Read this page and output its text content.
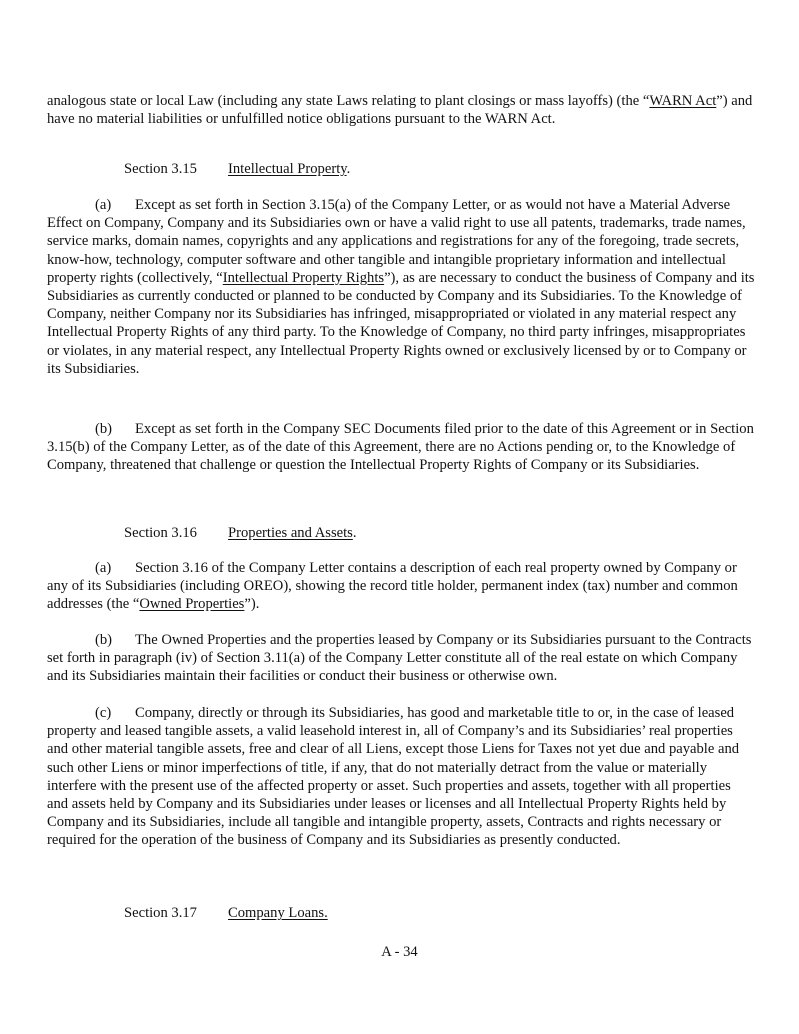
analogous state or local Law (including any state Laws relating to plant closings or mass layoffs) (the “WARN Act”) and have no material liabilities or unfulfilled notice obligations pursuant to the WARN Act.

Section 3.15 Intellectual Property.

(a) Except as set forth in Section 3.15(a) of the Company Letter, or as would not have a Material Adverse Effect on Company, Company and its Subsidiaries own or have a valid right to use all patents, trademarks, trade names, service marks, domain names, copyrights and any applications and registrations for any of the foregoing, trade secrets, know-how, technology, computer software and other tangible and intangible proprietary information and intellectual property rights (collectively, “Intellectual Property Rights”), as are necessary to conduct the business of Company and its Subsidiaries as currently conducted or planned to be conducted by Company and its Subsidiaries. To the Knowledge of Company, neither Company nor its Subsidiaries has infringed, misappropriated or violated in any material respect any Intellectual Property Rights of any third party. To the Knowledge of Company, no third party infringes, misappropriates or violates, in any material respect, any Intellectual Property Rights owned or exclusively licensed by or to Company or its Subsidiaries.

(b) Except as set forth in the Company SEC Documents filed prior to the date of this Agreement or in Section 3.15(b) of the Company Letter, as of the date of this Agreement, there are no Actions pending or, to the Knowledge of Company, threatened that challenge or question the Intellectual Property Rights of Company or its Subsidiaries.

Section 3.16 Properties and Assets.

(a) Section 3.16 of the Company Letter contains a description of each real property owned by Company or any of its Subsidiaries (including OREO), showing the record title holder, permanent index (tax) number and common addresses (the “Owned Properties”).

(b) The Owned Properties and the properties leased by Company or its Subsidiaries pursuant to the Contracts set forth in paragraph (iv) of Section 3.11(a) of the Company Letter constitute all of the real estate on which Company and its Subsidiaries maintain their facilities or conduct their business or otherwise own.

(c) Company, directly or through its Subsidiaries, has good and marketable title to or, in the case of leased property and leased tangible assets, a valid leasehold interest in, all of Company’s and its Subsidiaries’ real properties and other material tangible assets, free and clear of all Liens, except those Liens for Taxes not yet due and payable and such other Liens or minor imperfections of title, if any, that do not materially detract from the value or materially interfere with the present use of the affected property or asset. Such properties and assets, together with all properties and assets held by Company and its Subsidiaries under leases or licenses and all Intellectual Property Rights held by Company and its Subsidiaries, include all tangible and intangible property, assets, Contracts and rights necessary or required for the operation of the business of Company and its Subsidiaries as presently conducted.

Section 3.17 Company Loans.
A - 34
